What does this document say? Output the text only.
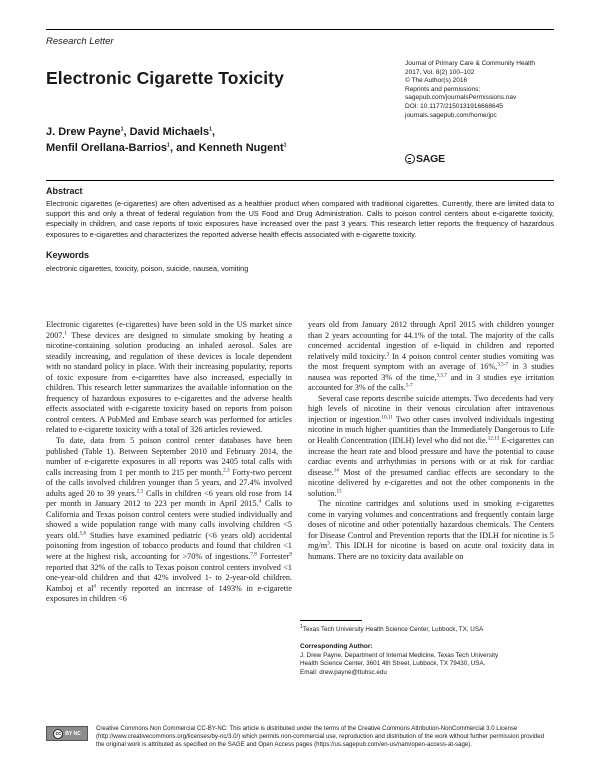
Research Letter
Electronic Cigarette Toxicity
Journal of Primary Care & Community Health
2017, Vol. 8(2) 100–102
© The Author(s) 2016
Reprints and permissions:
sagepub.com/journalsPermissions.nav
DOI: 10.1177/2150131916668645
journals.sagepub.com/home/jpc
SAGE
J. Drew Payne$^1$, David Michaels$^1$,
Menfil Orellana-Barrios$^1$, and Kenneth Nugent$^1$
Abstract
Electronic cigarettes (e-cigarettes) are often advertised as a healthier product when compared with traditional cigarettes. Currently, there are limited data to support this and only a threat of federal regulation from the US Food and Drug Administration. Calls to poison control centers about e-cigarette toxicity, especially in children, and case reports of toxic exposures have increased over the past 3 years. This research letter reports the frequency of hazardous exposures to e-cigarettes and characterizes the reported adverse health effects associated with e-cigarette toxicity.
Keywords
electronic cigarettes, toxicity, poison, suicide, nausea, vomiting

Electronic cigarettes (e-cigarettes) have been sold in the US market since 2007.$^1$ These devices are designed to simulate smoking by heating a nicotine-containing solution producing an inhaled aerosol. Sales are steadily increasing, and regulation of these devices is locale dependent with no standard policy in place. With their increasing popularity, reports of toxic exposure from e-cigarettes have also increased, especially in children. This research letter summarizes the available information on the frequency of hazardous exposures to e-cigarettes and the adverse health effects associated with e-cigarette toxicity based on reports from poison control centers. A PubMed and Embase search was performed for articles related to e-cigarette toxicity with a total of 326 articles reviewed.

To date, data from 5 poison control center databases have been published (Table 1). Between September 2010 and February 2014, the number of e-cigarette exposures in all reports was 2405 total calls with calls increasing from 1 per month to 215 per month.$^{2,3}$ Forty-two percent of the calls involved children younger than 5 years, and 27.4% involved adults aged 20 to 39 years.$^{2,3}$ Calls in children <6 years old rose from 14 per month in January 2012 to 223 per month in April 2015.$^4$ Calls to California and Texas poison control centers were studied individually and showed a wide population range with many calls involving children <5 years old.$^{5,6}$ Studies have examined pediatric (<6 years old) accidental poisoning from ingestion of tobacco products and found that children <1 were at the highest risk, accounting for >70% of ingestions.$^{7,8}$ Forrester$^9$ reported that 32% of the calls to Texas poison control centers involved <1 one-year-old children and that 42% involved 1- to 2-year-old children. Kamboj et $al^4$ recently reported an increase of 1493% in e-cigarette exposures in children <6

years old from January 2012 through April 2015 with children younger than 2 years accounting for 44.1% of the total. The majority of the calls concerned accidental ingestion of e-liquid in children and reported relatively mild toxicity.$^3$ In 4 poison control center studies vomiting was the most frequent symptom with an average of 16%,$^{3,5-7}$ in 3 studies nausea was reported 3% of the time,$^{3,5,7}$ and in 3 studies eye irritation accounted for 3% of the calls.$^{5-7}$

Several case reports describe suicide attempts. Two decedents had very high levels of nicotine in their venous circulation after intravenous injection or ingestion.$^{10,11}$ Two other cases involved individuals ingesting nicotine in much higher quantities than the Immediately Dangerous to Life or Health Concentration (IDLH) level who did not die.$^{12,13}$ E-cigarettes can increase the heart rate and blood pressure and have the potential to cause cardiac events and arrhythmias in persons with or at risk for cardiac disease.$^{14}$ Most of the presumed cardiac effects are secondary to the nicotine delivered by e-cigarettes and not the other components in the solution.$^{15}$

The nicotine cartridges and solutions used in smoking e-cigarettes come in varying volumes and concentrations and frequently contain large doses of nicotine and other potentially hazardous chemicals. The Centers for Disease Control and Prevention reports that the IDLH for nicotine is 5 $mg/m^3$. This IDLH for nicotine is based on acute oral toxicity data in humans. There are no toxicity data available on

$^1$Texas Tech University Health Science Center, Lubbock, TX, USA
Corresponding Author:
J. Drew Payne, Department of Internal Medicine, Texas Tech University
Health Science Center, 3601 4th Street, Lubbock, TX 79430, USA.
Email: drew.payne@ttuhsc.edu
cc BY NC
Creative Commons Non Commercial CC-BY-NC: This article is distributed under the terms of the Creative Commons Attribution-NonCommercial 3.0 License (http://www.creativecommons.org/licenses/by-nc/3.0/) which permits non-commercial use, reproduction and distribution of the work without further permission provided the original work is attributed as specified on the SAGE and Open Access pages (https://us.sagepub.com/en-us/nam/open-access-at-sage).
